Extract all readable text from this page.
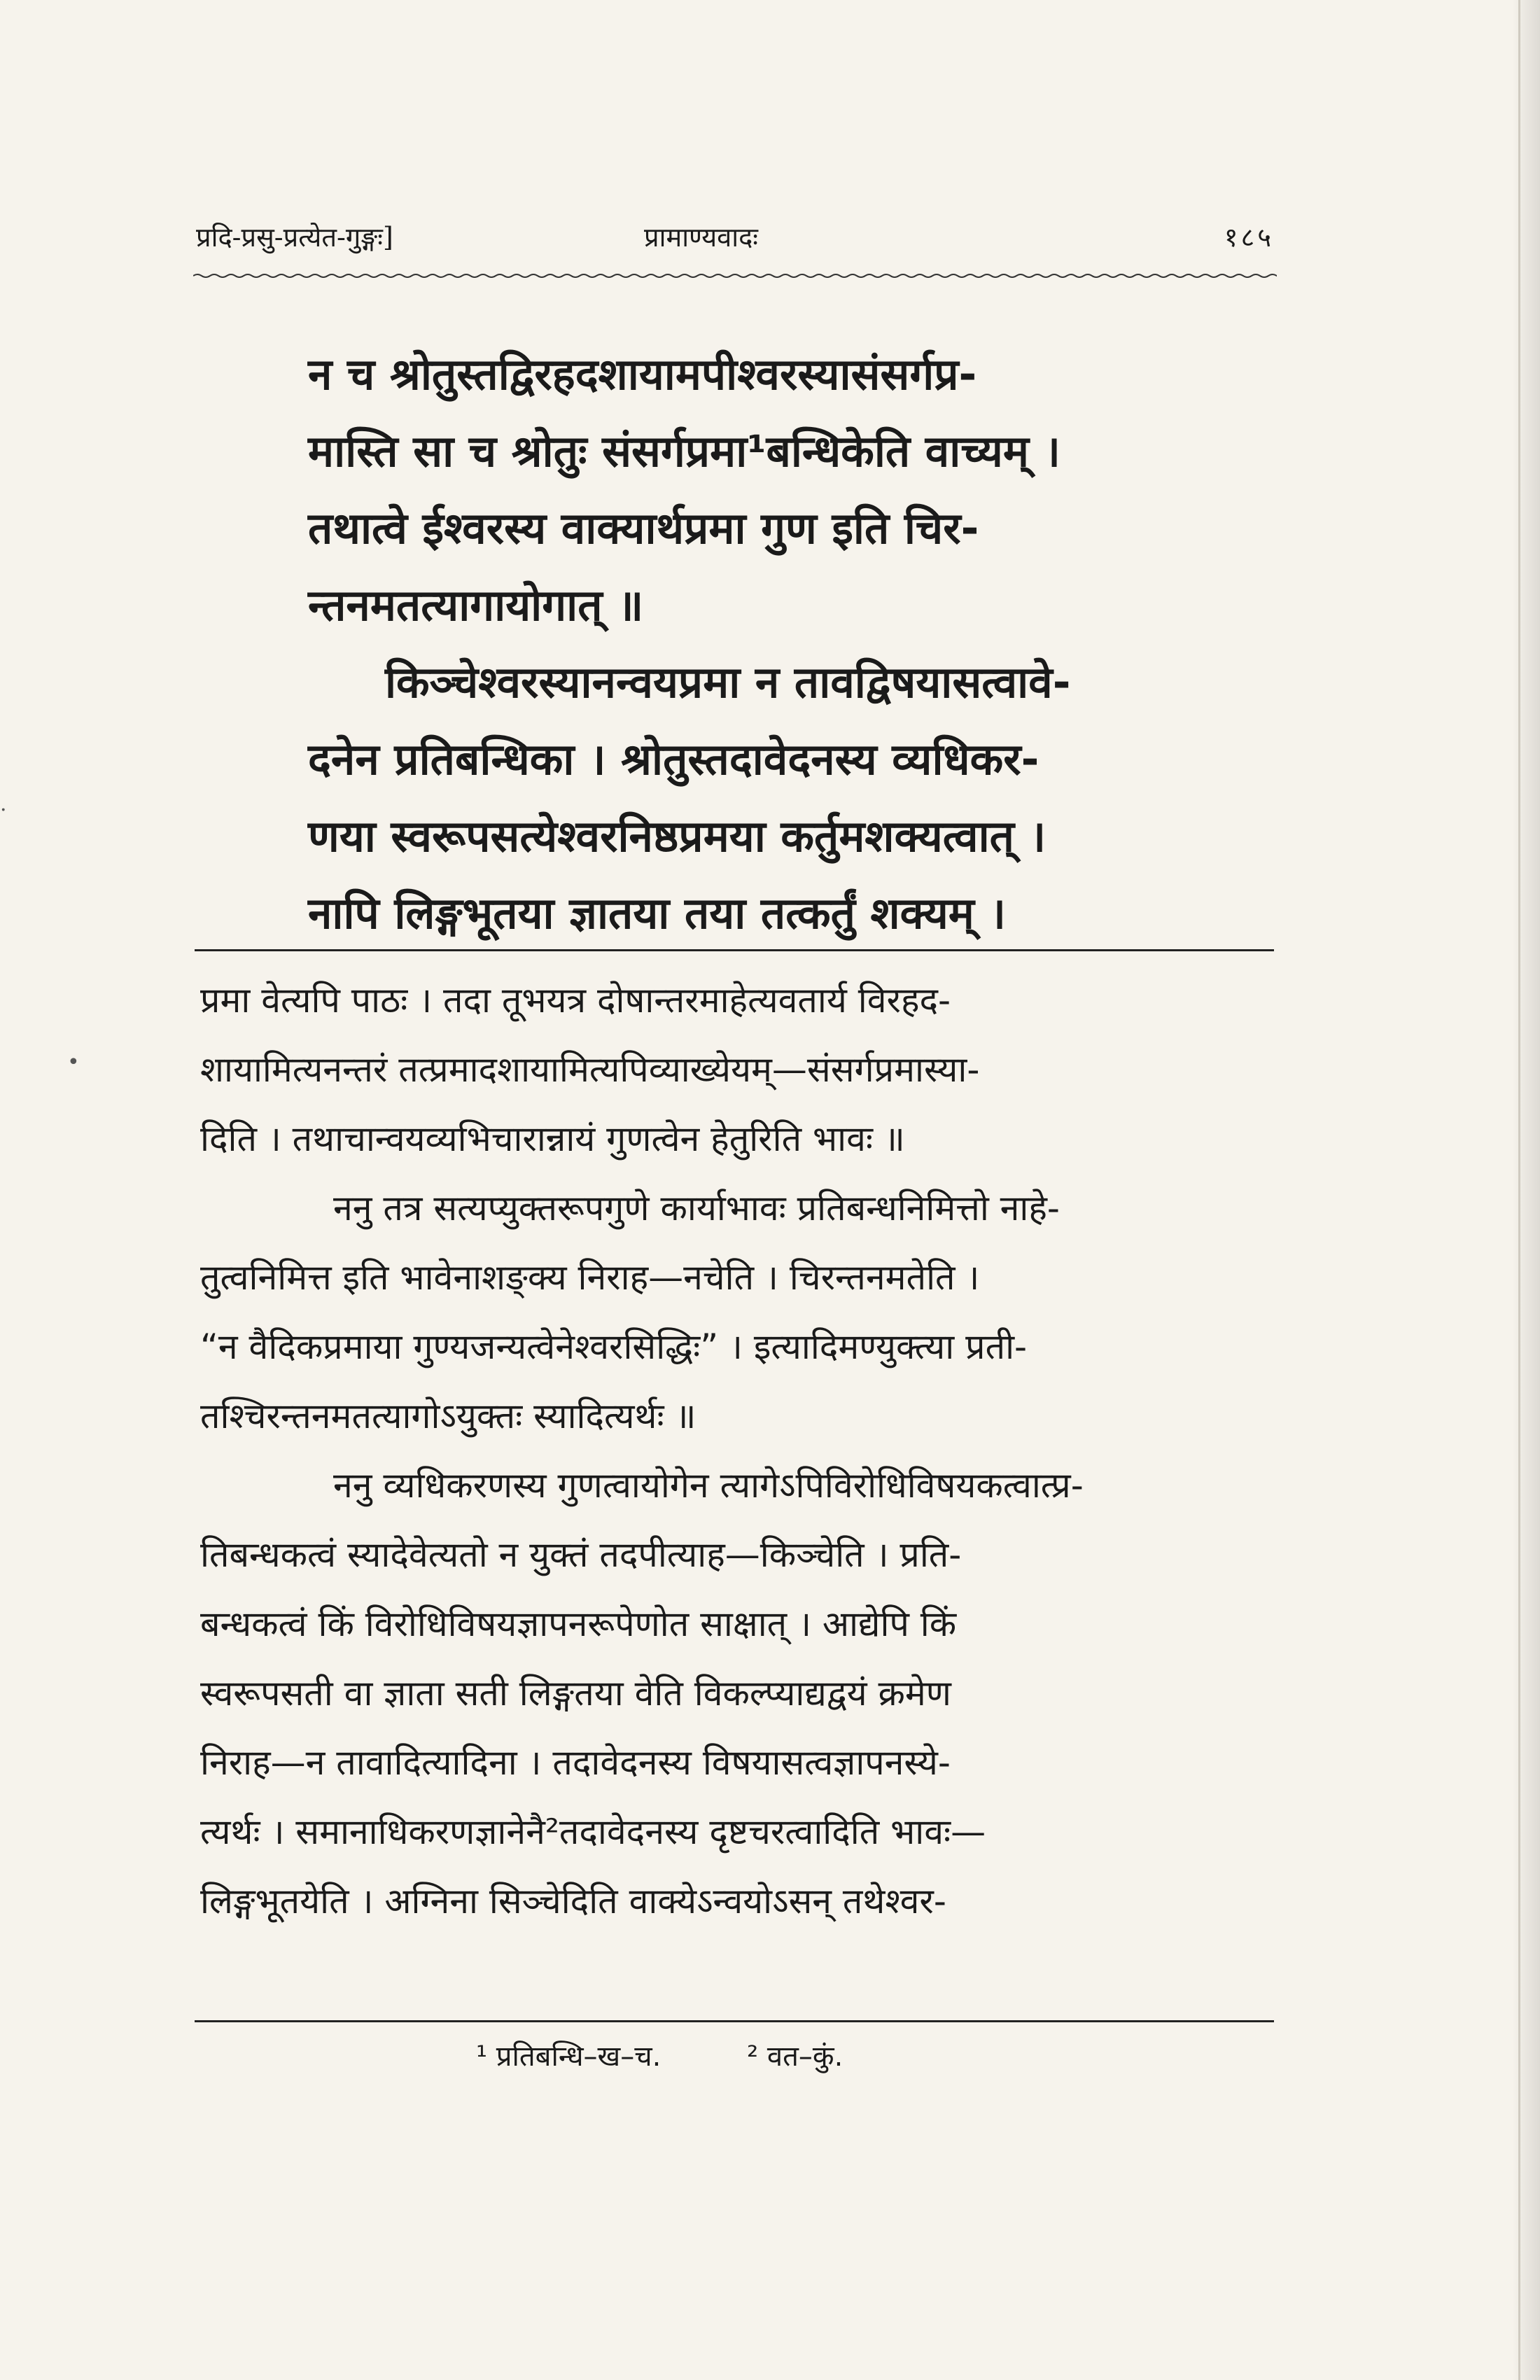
प्रदि-प्रसु-प्रत्येत-गुङ्गः]	प्रामाण्यवादः	१८५

न च श्रोतुस्तद्विरहदशायामपीश्वरस्यासंसर्गप्र-

मास्ति सा च श्रोतुः संसर्गप्रमा¹बन्धिकेति वाच्यम् ।

तथात्वे ईश्वरस्य वाक्यार्थप्रमा गुण इति चिर-

न्तनमतत्यागायोगात् ॥

किञ्चेश्वरस्यानन्वयप्रमा न तावद्विषयासत्वावे-

दनेन प्रतिबन्धिका । श्रोतुस्तदावेदनस्य व्यधिकर-

णया स्वरूपसत्येश्वरनिष्ठप्रमया कर्तुमशक्यत्वात् ।

नापि लिङ्गभूतया ज्ञातया तया तत्कर्तुं शक्यम् ।

प्रमा वेत्यपि पाठः । तदा तूभयत्र दोषान्तरमाहेत्यवतार्य विरहद-

शायामित्यनन्तरं तत्प्रमादशायामित्यपिव्याख्येयम्—संसर्गप्रमास्या-

दिति । तथाचान्वयव्यभिचारान्नायं गुणत्वेन हेतुरिति भावः ॥

ननु तत्र सत्यप्युक्तरूपगुणे कार्याभावः प्रतिबन्धनिमित्तो नाहे-

तुत्वनिमित्त इति भावेनाशङ्क्य निराह—नचेति । चिरन्तनमतेति ।

“न वैदिकप्रमाया गुण्यजन्यत्वेनेश्वरसिद्धिः” । इत्यादिमण्युक्त्या प्रती-

तश्चिरन्तनमतत्यागोऽयुक्तः स्यादित्यर्थः ॥

ननु व्यधिकरणस्य गुणत्वायोगेन त्यागेऽपिविरोधिविषयकत्वात्प्र-

तिबन्धकत्वं स्यादेवेत्यतो न युक्तं तदपीत्याह—किञ्चेति । प्रति-

बन्धकत्वं किं विरोधिविषयज्ञापनरूपेणोत साक्षात् । आद्येपि किं

स्वरूपसती वा ज्ञाता सती लिङ्गतया वेति विकल्प्याद्यद्वयं क्रमेण

निराह—न तावादित्यादिना । तदावेदनस्य विषयासत्वज्ञापनस्ये-

त्यर्थः । समानाधिकरणज्ञानेनै²तदावेदनस्य दृष्टचरत्वादिति भावः—

लिङ्गभूतयेति । अग्निना सिञ्चेदिति वाक्येऽन्वयोऽसन् तथेश्वर-

¹ प्रतिबन्धि–ख–च.	² वत–कुं.
·
•
